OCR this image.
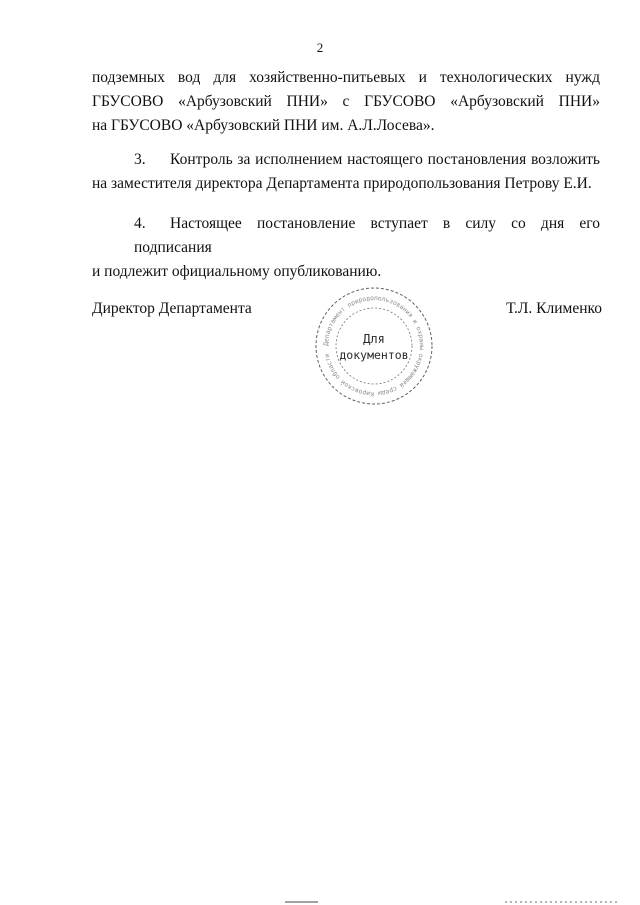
2
подземных вод для хозяйственно-питьевых и технологических нужд
ГБУСОВО «Арбузовский ПНИ» с ГБУСОВО «Арбузовский ПНИ»
на ГБУСОВО «Арбузовский ПНИ им. А.Л.Лосева».
3. Контроль за исполнением настоящего постановления возложить
на заместителя директора Департамента природопользования Петрову Е.И.
4. Настоящее постановление вступает в силу со дня его подписания
и подлежит официальному опубликованию.
Директор Департамента	Т.Л. Клименко
Департамент природопользования и охраны окружающей среды Кировской области
Для
документов
